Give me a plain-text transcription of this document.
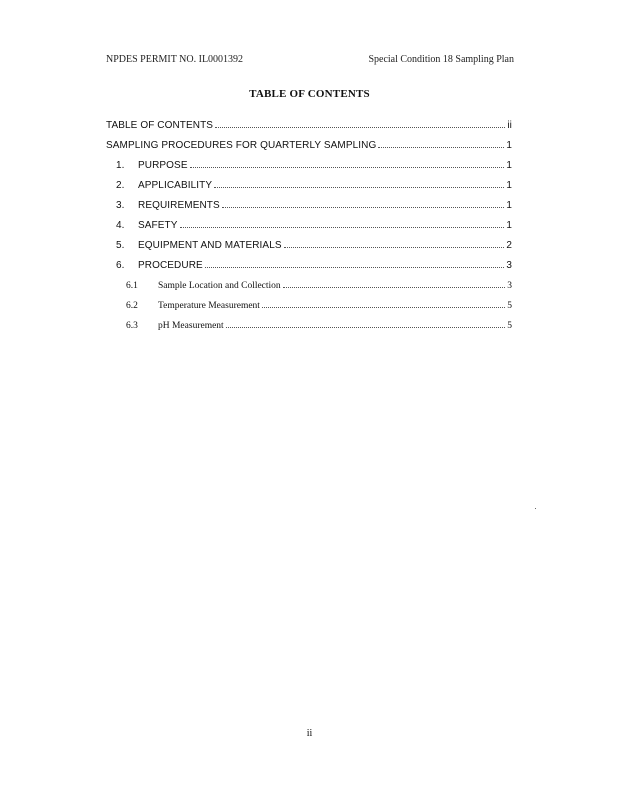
NPDES PERMIT NO. IL0001392	Special Condition 18 Sampling Plan
TABLE OF CONTENTS
TABLE OF CONTENTS	ii
SAMPLING PROCEDURES FOR QUARTERLY SAMPLING	1
1.	PURPOSE	1
2.	APPLICABILITY	1
3.	REQUIREMENTS	1
4.	SAFETY	1
5.	EQUIPMENT AND MATERIALS	2
6.	PROCEDURE	3
6.1	Sample Location and Collection	3
6.2	Temperature Measurement	5
6.3	pH Measurement	5
ii
